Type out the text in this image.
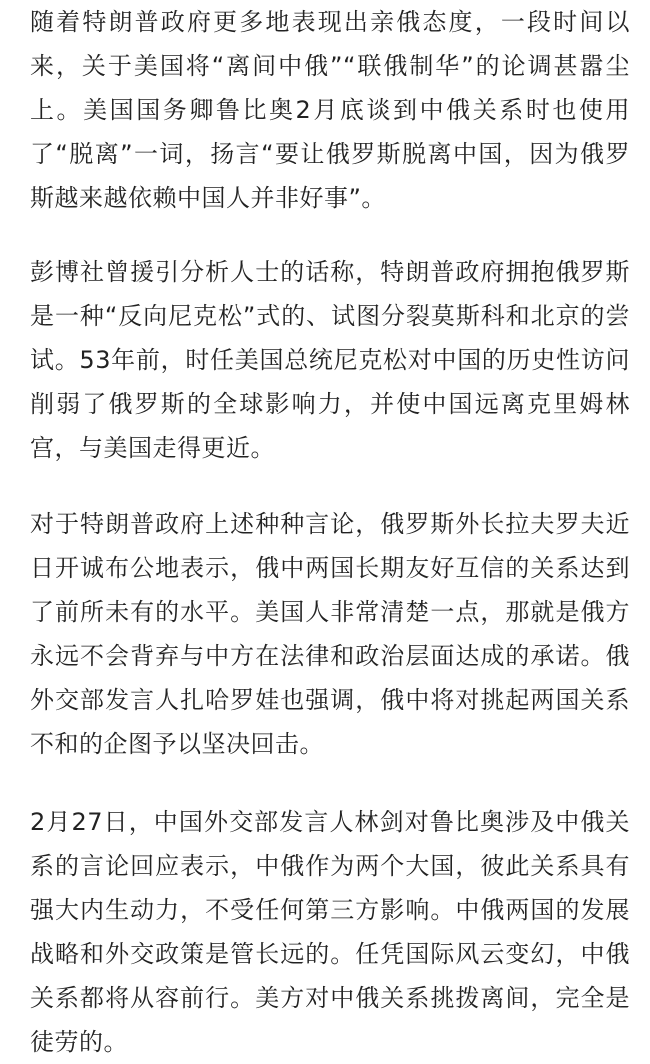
随着特朗普政府更多地表现出亲俄态度，一段时间以来，关于美国将“离间中俄”“联俄制华”的论调甚嚣尘上。美国国务卿鲁比奥2月底谈到中俄关系时也使用了“脱离”一词，扬言“要让俄罗斯脱离中国，因为俄罗斯越来越依赖中国人并非好事”。

彭博社曾援引分析人士的话称，特朗普政府拥抱俄罗斯是一种“反向尼克松”式的、试图分裂莫斯科和北京的尝试。53年前，时任美国总统尼克松对中国的历史性访问削弱了俄罗斯的全球影响力，并使中国远离克里姆林宫，与美国走得更近。

对于特朗普政府上述种种言论，俄罗斯外长拉夫罗夫近日开诚布公地表示，俄中两国长期友好互信的关系达到了前所未有的水平。美国人非常清楚一点，那就是俄方永远不会背弃与中方在法律和政治层面达成的承诺。俄外交部发言人扎哈罗娃也强调，俄中将对挑起两国关系不和的企图予以坚决回击。

2月27日，中国外交部发言人林剑对鲁比奥涉及中俄关系的言论回应表示，中俄作为两个大国，彼此关系具有强大内生动力，不受任何第三方影响。中俄两国的发展战略和外交政策是管长远的。任凭国际风云变幻，中俄关系都将从容前行。美方对中俄关系挑拨离间，完全是徒劳的。
